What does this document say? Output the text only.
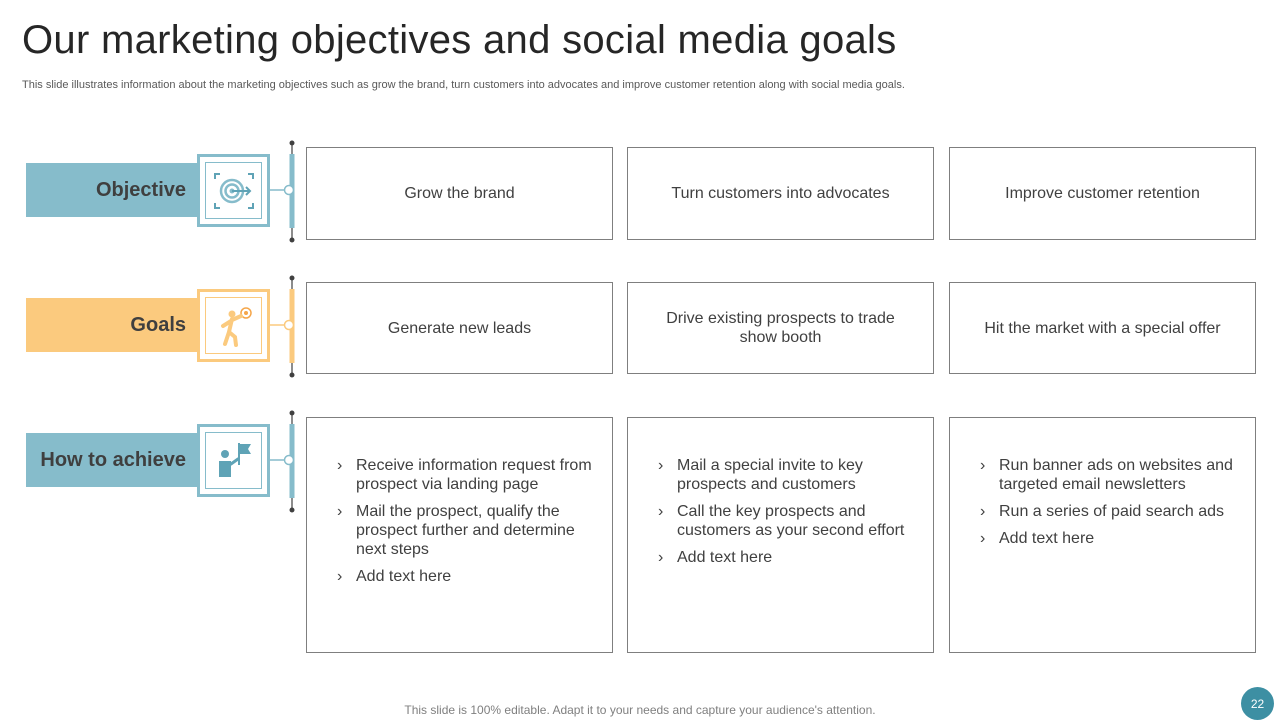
Our marketing objectives and social media goals
This slide illustrates information about the marketing objectives such as grow the brand, turn customers into advocates and improve customer retention along with social media goals.
Objective	Grow the brand	Turn customers into advocates	Improve customer retention
Goals	Generate new leads
Drive existing prospects to trade show booth
Hit the market with a special offer
How to achieve
›	Receive information request from prospect via landing page
› Mail the prospect, qualify the prospect further and determine next steps
› Add text here
› Mail a special invite to key prospects and customers
› Call the key prospects and customers as your second effort
› Add text here
› Run banner ads on websites and targeted email newsletters
› Run a series of paid search ads
› Add text here
This slide is 100% editable. Adapt it to your needs and capture your audience's attention.	22
